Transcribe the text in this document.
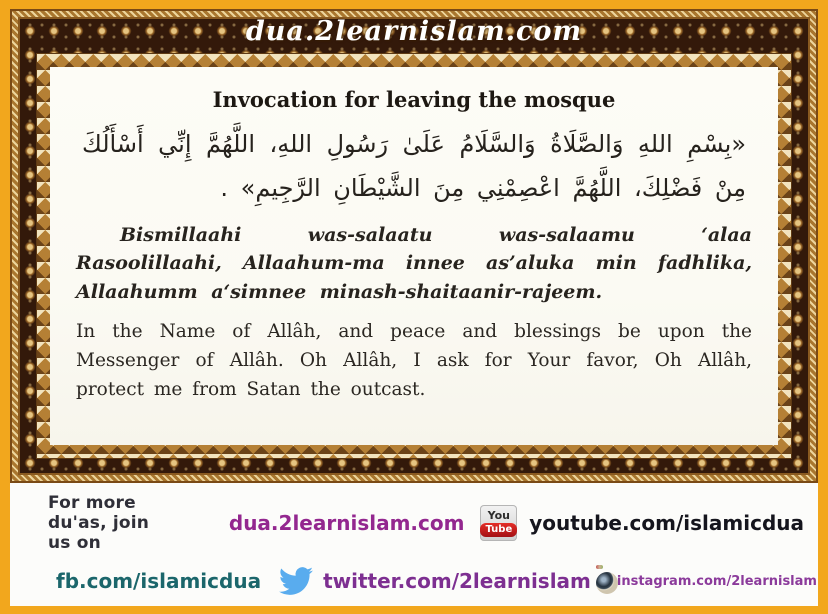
dua.2learnislam.com
Invocation for leaving the mosque

«بِسْمِ اللهِ وَالصَّلَاةُ وَالسَّلَامُ عَلَىٰ رَسُولِ اللهِ، اللَّهُمَّ إِنِّي أَسْأَلُكَ مِنْ فَضْلِكَ، اللَّهُمَّ اعْصِمْنِي مِنَ الشَّيْطَانِ الرَّجِيمِ» .

Bismillaahi was-salaatu was-salaamu ‘alaa Rasoolillaahi, Allaahum-ma innee as’aluka min fadhlika, Allaahumm a‘simnee minash-shaitaanir-rajeem.

In the Name of Allâh, and peace and blessings be upon the Messenger of Allâh. Oh Allâh, I ask for Your favor, Oh Allâh, protect me from Satan the outcast.

For more du'as, join us on
dua.2learnislam.com You
Tube youtube.com/islamicdua
fb.com/islamicdua	twitter.com/2learnislam instagram.com/2learnislam
